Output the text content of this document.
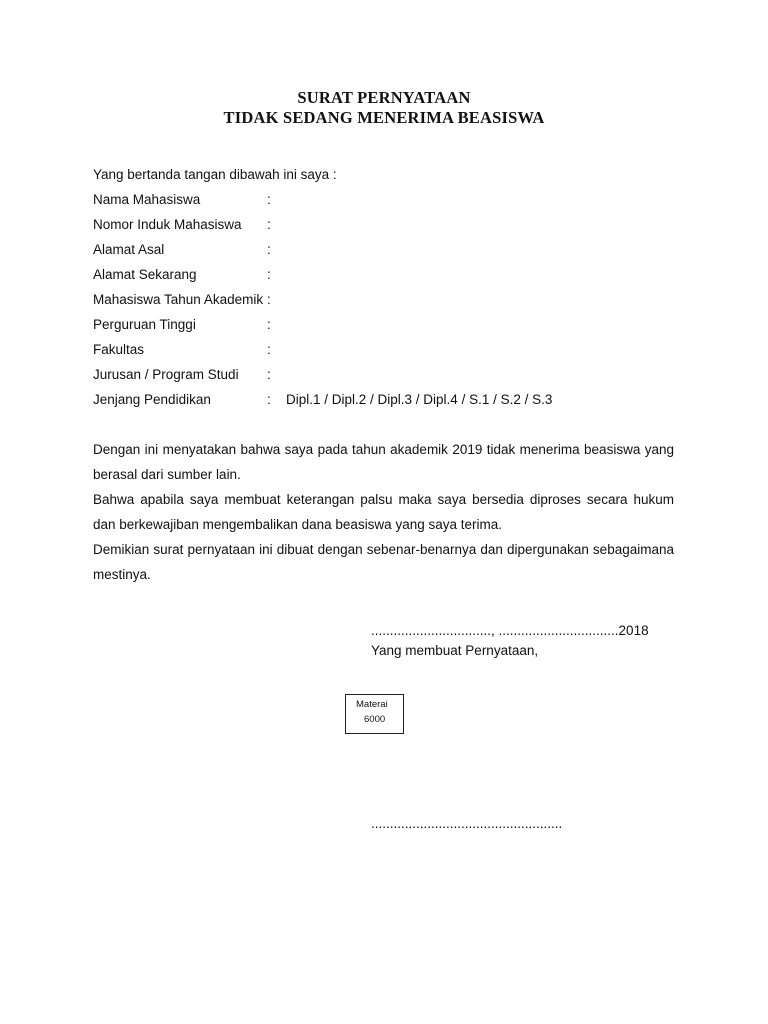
SURAT PERNYATAAN
TIDAK SEDANG MENERIMA BEASISWA
Yang bertanda tangan dibawah ini saya :
Nama Mahasiswa	:
Nomor Induk Mahasiswa :
Alamat Asal	:
Alamat Sekarang	:
Mahasiswa Tahun Akademik :
Perguruan Tinggi	:
Fakultas	:
Jurusan / Program Studi :
Jenjang Pendidikan	: Dipl.1 / Dipl.2 / Dipl.3 / Dipl.4 / S.1 / S.2 / S.3
Dengan ini menyatakan bahwa saya pada tahun akademik 2019 tidak menerima beasiswa yang berasal dari sumber lain.
Bahwa apabila saya membuat keterangan palsu maka saya bersedia diproses secara hukum dan berkewajiban mengembalikan dana beasiswa yang saya terima.
Demikian surat pernyataan ini dibuat dengan sebenar-benarnya dan dipergunakan sebagaimana mestinya.
................................, ................................2018
Yang membuat Pernyataan,
Materai
6000
...................................................
